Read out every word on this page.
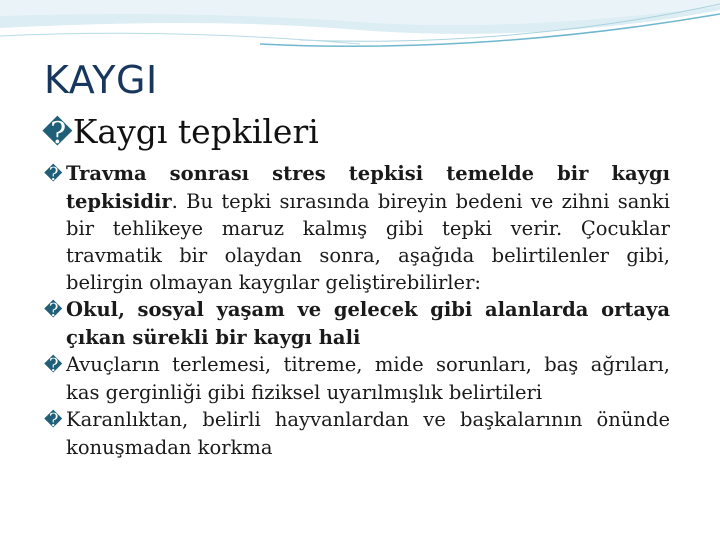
KAYGI
�Kaygı tepkileri

� Travma sonrası stres tepkisi temelde bir kaygı tepkisidir. Bu tepki sırasında bireyin bedeni ve zihni sanki bir tehlikeye maruz kalmış gibi tepki verir. Çocuklar travmatik bir olaydan sonra, aşağıda belirtilenler gibi, belirgin olmayan kaygılar geliştirebilirler:

� Okul, sosyal yaşam ve gelecek gibi alanlarda ortaya çıkan sürekli bir kaygı hali

� Avuçların terlemesi, titreme, mide sorunları, baş ağrıları, kas gerginliği gibi fiziksel uyarılmışlık belirtileri

� Karanlıktan, belirli hayvanlardan ve başkalarının önünde konuşmadan korkma
